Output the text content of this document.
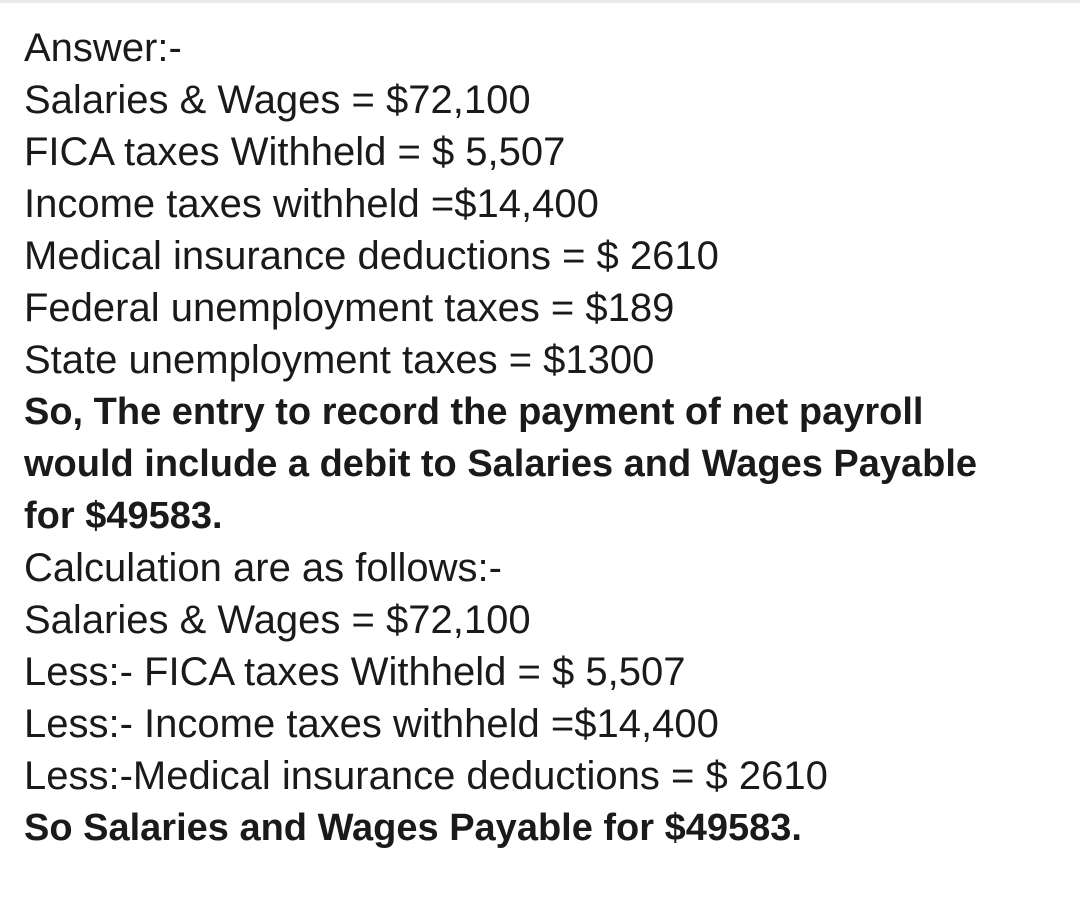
Answer:-
Salaries & Wages = $72,100
FICA taxes Withheld = $ 5,507
Income taxes withheld =$14,400
Medical insurance deductions = $ 2610
Federal unemployment taxes = $189
State unemployment taxes = $1300
So, The entry to record the payment of net payroll
would include a debit to Salaries and Wages Payable
for $49583.
Calculation are as follows:-
Salaries & Wages = $72,100
Less:- FICA taxes Withheld = $ 5,507
Less:- Income taxes withheld =$14,400
Less:-Medical insurance deductions = $ 2610
So Salaries and Wages Payable for $49583.
